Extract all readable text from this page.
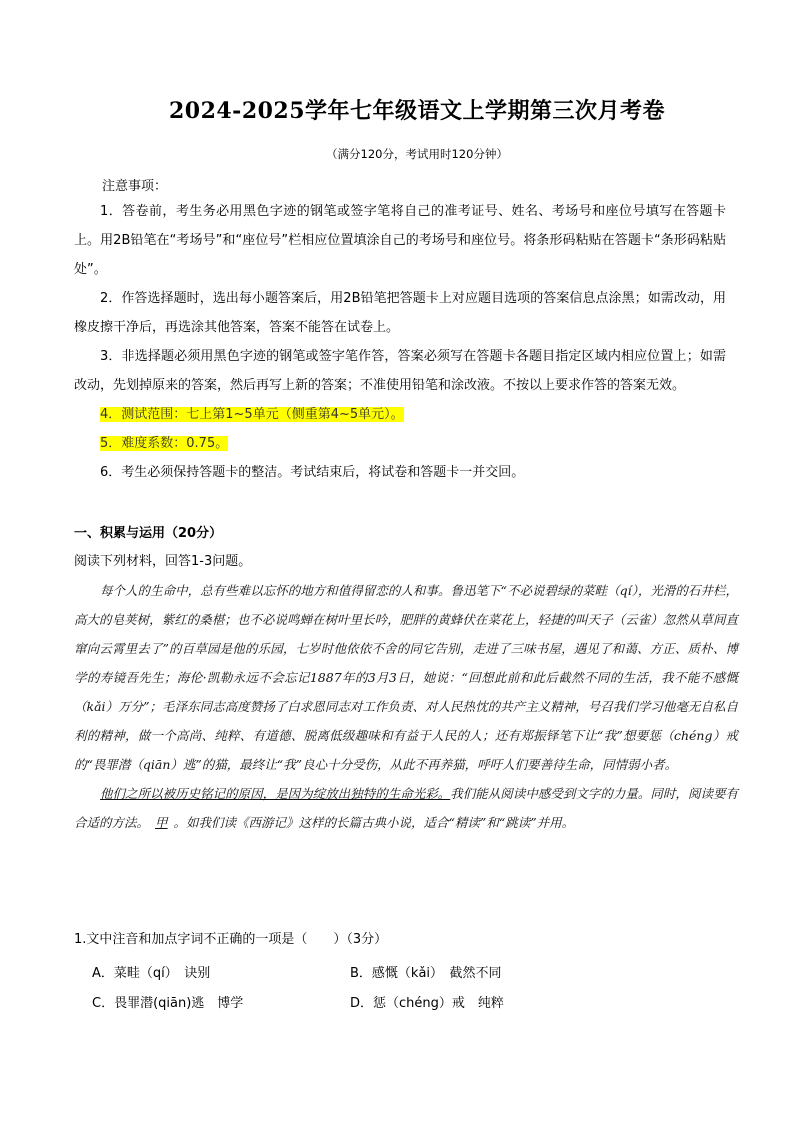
2024-2025学年七年级语文上学期第三次月考卷
（满分120分，考试用时120分钟）
注意事项：

1．答卷前，考生务必用黑色字迹的钢笔或签字笔将自己的准考证号、姓名、考场号和座位号填写在答题卡上。用2B铅笔在“考场号”和“座位号”栏相应位置填涂自己的考场号和座位号。将条形码粘贴在答题卡“条形码粘贴处”。

2．作答选择题时，选出每小题答案后，用2B铅笔把答题卡上对应题目选项的答案信息点涂黑；如需改动，用橡皮擦干净后，再选涂其他答案，答案不能答在试卷上。

3．非选择题必须用黑色字迹的钢笔或签字笔作答，答案必须写在答题卡各题目指定区域内相应位置上；如需改动，先划掉原来的答案，然后再写上新的答案；不准使用铅笔和涂改液。不按以上要求作答的答案无效。

4．测试范围：七上第1~5单元（侧重第4~5单元）。

5．难度系数：0.75。

6．考生必须保持答题卡的整洁。考试结束后，将试卷和答题卡一并交回。

一、积累与运用（20分）
阅读下列材料，回答1-3问题。

每个人的生命中，总有些难以忘怀的地方和值得留恋的人和事。鲁迅笔下“不必说碧绿的菜畦（qí），光滑的石井栏，高大的皂荚树，紫红的桑椹；也不必说鸣蝉在树叶里长吟，肥胖的黄蜂伏在菜花上，轻捷的叫天子（云雀）忽然从草间直窜向云霄里去了”的百草园是他的乐园，七岁时他依依不舍的同它告别，走进了三味书屋，遇见了和蔼、方正、质朴、博学的寿镜吾先生；海伦·凯勒永远不会忘记1887年的3月3日，她说：“回想此前和此后截然不同的生活，我不能不感慨（kǎi）万分”；毛泽东同志高度赞扬了白求恩同志对工作负责、对人民热忱的共产主义精神，号召我们学习他毫无自私自利的精神，做一个高尚、纯粹、有道德、脱离低级趣味和有益于人民的人；还有郑振铎笔下让“我”想要惩（chéng）戒的“畏罪潜（qiān）逃”的猫，最终让“我”良心十分受伤，从此不再养猫，呼吁人们要善待生命，同情弱小者。

他们之所以被历史铭记的原因，是因为绽放出独特的生命光彩。我们能从阅读中感受到文字的力量。同时，阅读要有合适的方法。 甲 。如我们读《西游记》这样的长篇古典小说，适合“精读”和“跳读”并用。

1.文中注音和加点字词不正确的一项是（　　）（3分）
A．菜畦（qí）　诀别	B．感慨（kǎi）　截然不同
C．畏罪潜(qiān)逃　博学	D．惩（chéng）戒　纯粹
